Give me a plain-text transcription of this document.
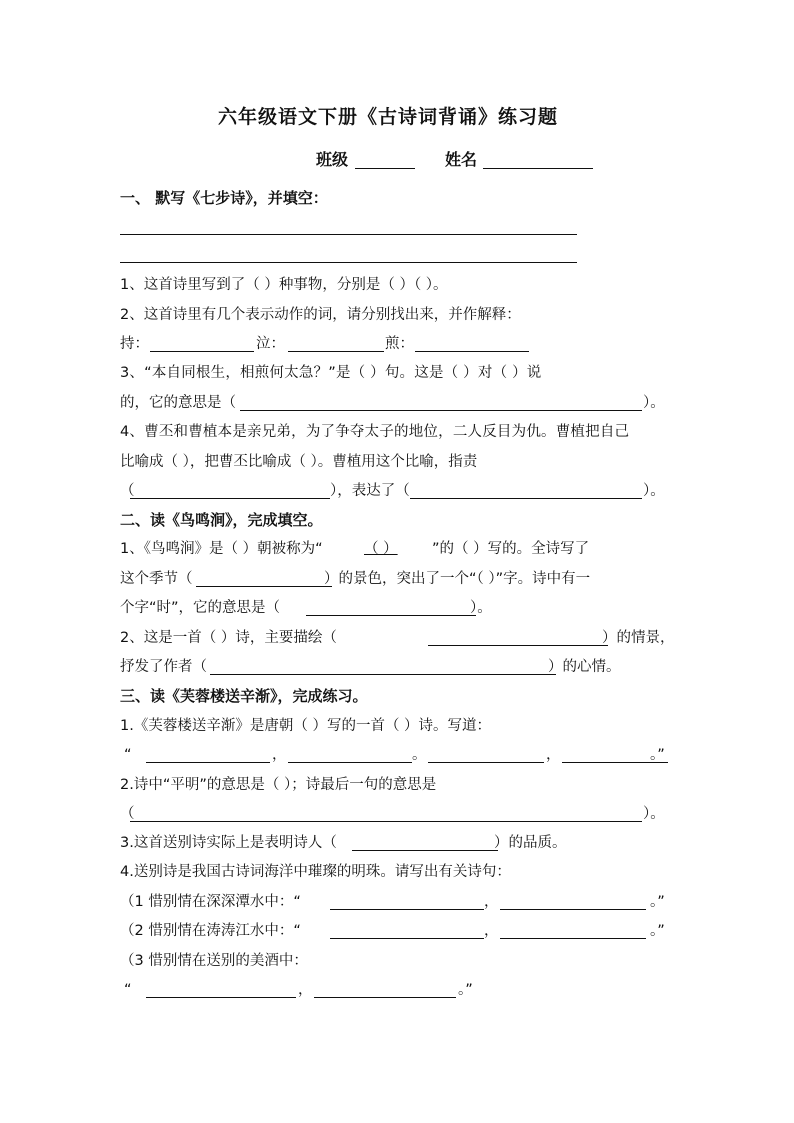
六年级语文下册《古诗词背诵》练习题
班级	姓名
一、 默写《七步诗》，并填空：
1、这首诗里写到了（ ）种事物，分别是（ ）（ ）。
2、这首诗里有几个表示动作的词，请分别找出来，并作解释：
持：	泣：	煎：
3、“本自同根生，相煎何太急？”是（ ）句。这是（ ）对（ ）说
的，它的意思是（	）。
4、曹丕和曹植本是亲兄弟，为了争夺太子的地位，二人反目为仇。曹植把自己
比喻成（ ），把曹丕比喻成（ ）。曹植用这个比喻，指责
（	），表达了（	）。
二、读《鸟鸣涧》，完成填空。
1、《鸟鸣涧》是（ ）朝被称为“	（ ） ”的（ ）写的。全诗写了
这个季节（	）的景色，突出了一个“（ ）”字。诗中有一
个字“时”，它的意思是（	）。
2、这是一首（ ）诗，主要描绘（	）的情景，
抒发了作者（	）的心情。
三、读《芙蓉楼送辛渐》，完成练习。
1.《芙蓉楼送辛渐》是唐朝（ ）写的一首（ ）诗。写道：
“	，	。	，	。”
2.诗中“平明”的意思是（ ）；诗最后一句的意思是
（	）。
3.这首送别诗实际上是表明诗人（	）的品质。
4.送别诗是我国古诗词海洋中璀璨的明珠。请写出有关诗句：
（1 惜别情在深深潭水中：“	，	。”
（2 惜别情在涛涛江水中：“	，	。”
（3 惜别情在送别的美酒中：
“	，	。”
